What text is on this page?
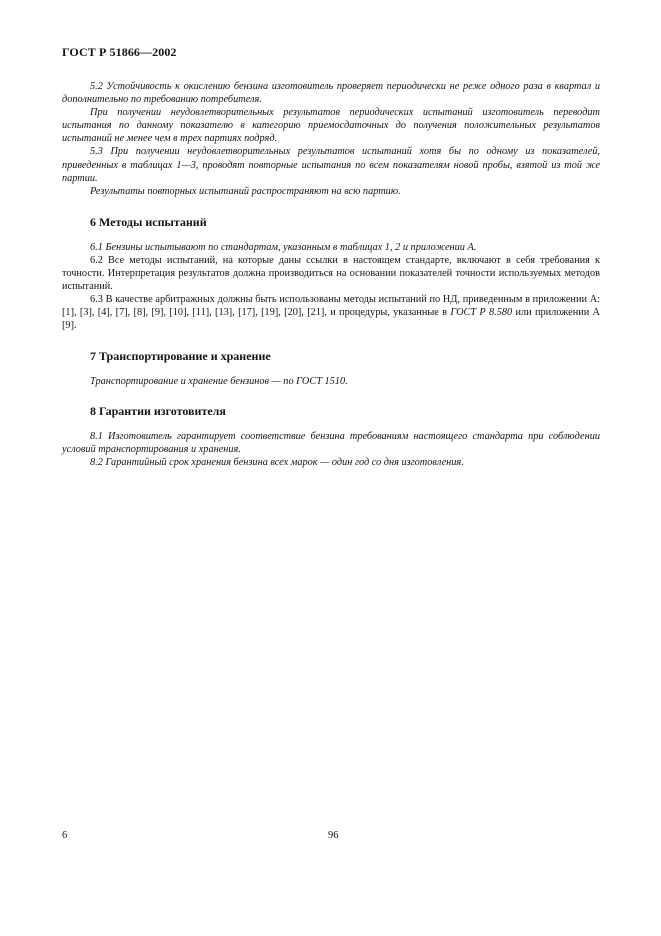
ГОСТ Р 51866—2002

5.2 Устойчивость к окислению бензина изготовитель проверяет периодически не реже одного раза в квартал и дополнительно по требованию потребителя.

При получении неудовлетворительных результатов периодических испытаний изготовитель переводит испытания по данному показателю в категорию приемосдаточных до получения положительных результатов испытаний не менее чем в трех партиях подряд.

5.3 При получении неудовлетворительных результатов испытаний хотя бы по одному из показателей, приведенных в таблицах 1—3, проводят повторные испытания по всем показателям новой пробы, взятой из той же партии.

Результаты повторных испытаний распространяют на всю партию.

6 Методы испытаний

6.1 Бензины испытывают по стандартам, указанным в таблицах 1, 2 и приложении А.

6.2 Все методы испытаний, на которые даны ссылки в настоящем стандарте, включают в себя требования к точности. Интерпретация результатов должна производиться на основании показателей точности используемых методов испытаний.

6.3 В качестве арбитражных должны быть использованы методы испытаний по НД, приведенным в приложении А: [1], [3], [4], [7], [8], [9], [10], [11], [13], [17], [19], [20], [21], и процедуры, указанные в ГОСТ Р 8.580 или приложении А [9].

7 Транспортирование и хранение

Транспортирование и хранение бензинов — по ГОСТ 1510.

8 Гарантии изготовителя

8.1 Изготовитель гарантирует соответствие бензина требованиям настоящего стандарта при соблюдении условий транспортирования и хранения.

8.2 Гарантийный срок хранения бензина всех марок — один год со дня изготовления.

6	96
